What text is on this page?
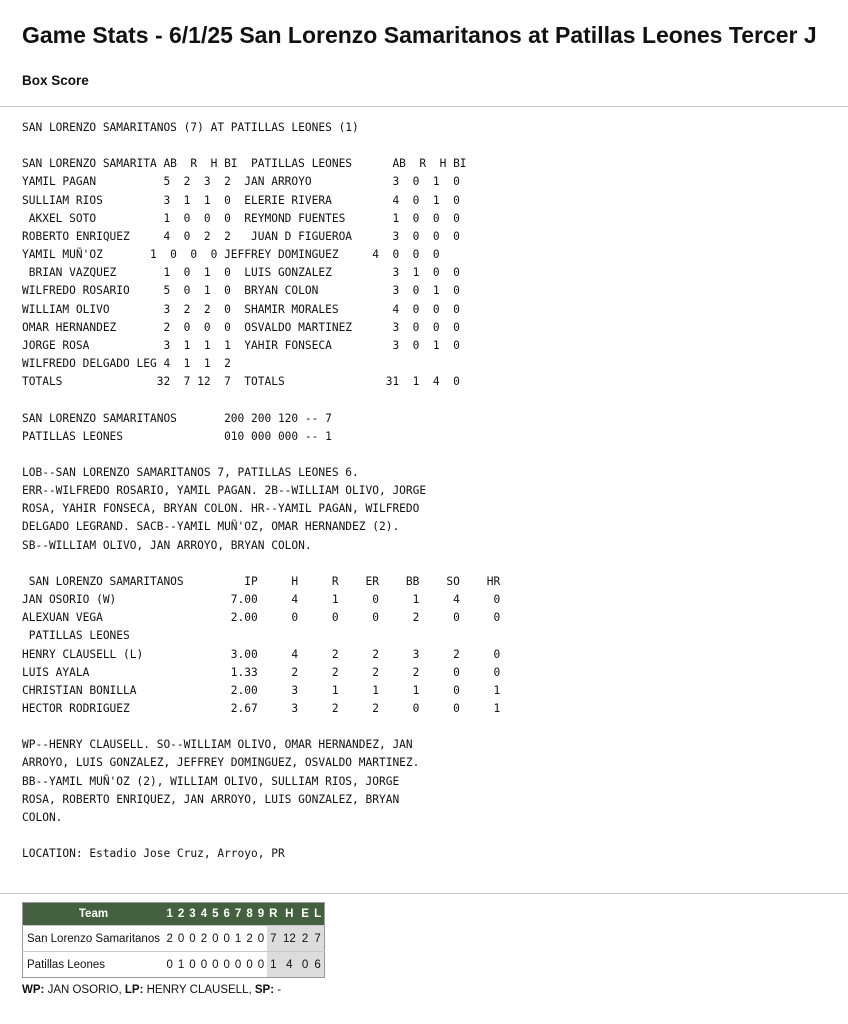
Game Stats - 6/1/25 San Lorenzo Samaritanos at Patillas Leones Tercer J
Box Score
SAN LORENZO SAMARITANOS (7) AT PATILLAS LEONES (1)

SAN LORENZO SAMARITA AB  R  H BI  PATILLAS LEONES      AB  R  H BI
YAMIL PAGAN          5  2  3  2  JAN ARROYO            3  0  1  0
SULLIAM RIOS         3  1  1  0  ELERIE RIVERA         4  0  1  0
AKXEL SOTO          1  0  0  0  REYMOND FUENTES       1  0  0  0
ROBERTO ENRIQUEZ     4  0  2  2   JUAN D FIGUEROA      3  0  0  0
YAMIL MUÑ'OZ       1  0  0  0 JEFFREY DOMINGUEZ     4  0  0  0
BRIAN VAZQUEZ       1  0  1  0  LUIS GONZALEZ         3  1  0  0
WILFREDO ROSARIO     5  0  1  0  BRYAN COLON           3  0  1  0
WILLIAM OLIVO        3  2  2  0  SHAMIR MORALES        4  0  0  0
OMAR HERNANDEZ       2  0  0  0  OSVALDO MARTINEZ      3  0  0  0
JORGE ROSA           3  1  1  1  YAHIR FONSECA         3  0  1  0
WILFREDO DELGADO LEG 4  1  1  2
TOTALS              32  7 12  7  TOTALS               31  1  4  0

SAN LORENZO SAMARITANOS       200 200 120 -- 7
PATILLAS LEONES               010 000 000 -- 1

LOB--SAN LORENZO SAMARITANOS 7, PATILLAS LEONES 6.
ERR--WILFREDO ROSARIO, YAMIL PAGAN. 2B--WILLIAM OLIVO, JORGE
ROSA, YAHIR FONSECA, BRYAN COLON. HR--YAMIL PAGAN, WILFREDO
DELGADO LEGRAND. SACB--YAMIL MUÑ'OZ, OMAR HERNANDEZ (2).
SB--WILLIAM OLIVO, JAN ARROYO, BRYAN COLON.

SAN LORENZO SAMARITANOS         IP     H     R    ER    BB    SO    HR
JAN OSORIO (W)                 7.00     4     1     0     1     4     0
ALEXUAN VEGA                   2.00     0     0     0     2     0     0
PATILLAS LEONES
HENRY CLAUSELL (L)             3.00     4     2     2     3     2     0
LUIS AYALA                     1.33     2     2     2     2     0     0
CHRISTIAN BONILLA              2.00     3     1     1     1     0     1
HECTOR RODRIGUEZ               2.67     3     2     2     0     0     1

WP--HENRY CLAUSELL. SO--WILLIAM OLIVO, OMAR HERNANDEZ, JAN
ARROYO, LUIS GONZALEZ, JEFFREY DOMINGUEZ, OSVALDO MARTINEZ.
BB--YAMIL MUÑ'OZ (2), WILLIAM OLIVO, SULLIAM RIOS, JORGE
ROSA, ROBERTO ENRIQUEZ, JAN ARROYO, LUIS GONZALEZ, BRYAN
COLON.

LOCATION: Estadio Jose Cruz, Arroyo, PR
Team	1	2	3	4	5	6	7	8	9	R	H	E	L
San Lorenzo Samaritanos	2	0	0	2	0	0	1	2	0	7	12	2	7
Patillas Leones	0	1	0	0	0	0	0	0	0	1	4	0	6
WP: JAN OSORIO, LP: HENRY CLAUSELL, SP: -
